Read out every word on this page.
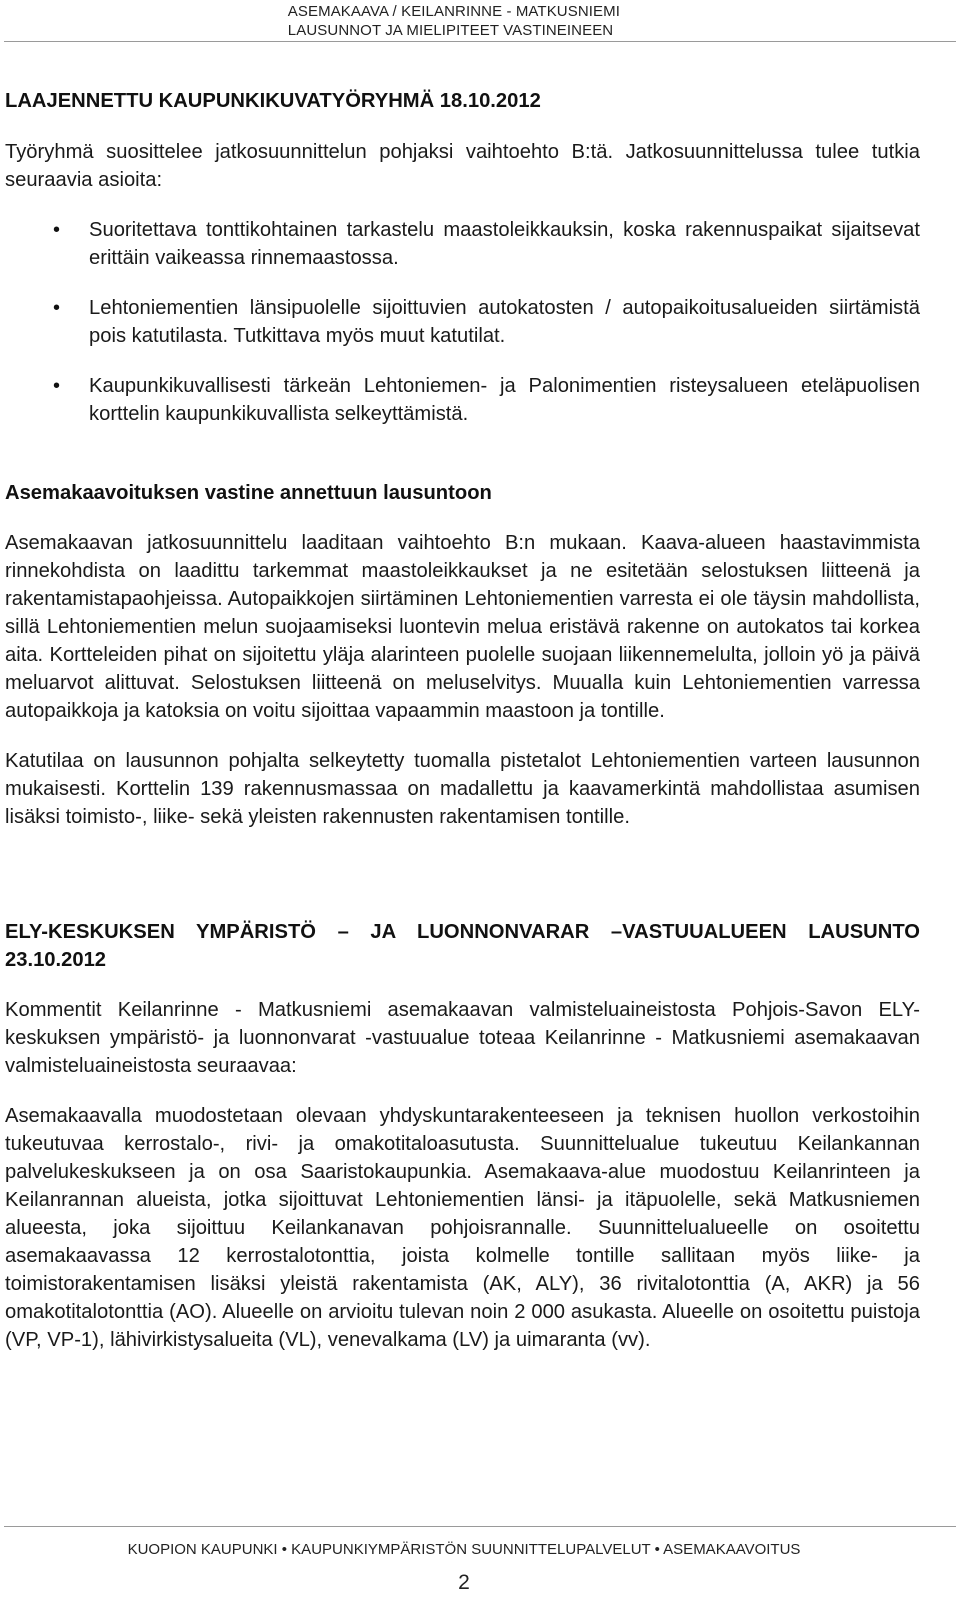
ASEMAKAAVA / KEILANRINNE - MATKUSNIEMI
LAUSUNNOT JA MIELIPITEET VASTINEINEEN
LAAJENNETTU KAUPUNKIKUVATYÖRYHMÄ 18.10.2012

Työryhmä suosittelee jatkosuunnittelun pohjaksi vaihtoehto B:tä. Jatkosuunnittelussa tulee tutkia seuraavia asioita:

• Suoritettava tonttikohtainen tarkastelu maastoleikkauksin, koska rakennuspaikat sijaitsevat erittäin vaikeassa rinnemaastossa.

• Lehtoniementien länsipuolelle sijoittuvien autokatosten / autopaikoitusalueiden siirtämistä pois katutilasta. Tutkittava myös muut katutilat.

• Kaupunkikuvallisesti tärkeän Lehtoniemen- ja Palonimentien risteysalueen eteläpuolisen korttelin kaupunkikuvallista selkeyttämistä.

Asemakaavoituksen vastine annettuun lausuntoon

Asemakaavan jatkosuunnittelu laaditaan vaihtoehto B:n mukaan. Kaava-alueen haastavimmista rinnekohdista on laadittu tarkemmat maastoleikkaukset ja ne esitetään selostuksen liitteenä ja rakentamistapaohjeissa. Autopaikkojen siirtäminen Lehtoniementien varresta ei ole täysin mahdollista, sillä Lehtoniementien melun suojaamiseksi luontevin melua eristävä rakenne on autokatos tai korkea aita. Kortteleiden pihat on sijoitettu yläja alarinteen puolelle suojaan liikennemelulta, jolloin yö ja päivä meluarvot alittuvat. Selostuksen liitteenä on meluselvitys. Muualla kuin Lehtoniementien varressa autopaikkoja ja katoksia on voitu sijoittaa vapaammin maastoon ja tontille.

Katutilaa on lausunnon pohjalta selkeytetty tuomalla pistetalot Lehtoniementien varteen lausunnon mukaisesti. Korttelin 139 rakennusmassaa on madallettu ja kaavamerkintä mahdollistaa asumisen lisäksi toimisto-, liike- sekä yleisten rakennusten rakentamisen tontille.

ELY-KESKUKSEN YMPÄRISTÖ – JA LUONNONVARAR –VASTUUALUEEN LAUSUNTO 23.10.2012

Kommentit Keilanrinne - Matkusniemi asemakaavan valmisteluaineistosta Pohjois-Savon ELY-keskuksen ympäristö- ja luonnonvarat -vastuualue toteaa Keilanrinne - Matkusniemi asemakaavan valmisteluaineistosta seuraavaa:

Asemakaavalla muodostetaan olevaan yhdyskuntarakenteeseen ja teknisen huollon verkostoihin tukeutuvaa kerrostalo-, rivi- ja omakotitaloasutusta. Suunnittelualue tukeutuu Keilankannan palvelukeskukseen ja on osa Saaristokaupunkia. Asemakaava-alue muodostuu Keilanrinteen ja Keilanrannan alueista, jotka sijoittuvat Lehtoniementien länsi- ja itäpuolelle, sekä Matkusniemen alueesta, joka sijoittuu Keilankanavan pohjoisrannalle. Suunnittelualueelle on osoitettu asemakaavassa 12 kerrostalotonttia, joista kolmelle tontille sallitaan myös liike- ja toimistorakentamisen lisäksi yleistä rakentamista (AK, ALY), 36 rivitalotonttia (A, AKR) ja 56 omakotitalotonttia (AO). Alueelle on arvioitu tulevan noin 2 000 asukasta. Alueelle on osoitettu puistoja (VP, VP-1), lähivirkistysalueita (VL), venevalkama (LV) ja uimaranta (vv).

KUOPION KAUPUNKI • KAUPUNKIYMPÄRISTÖN SUUNNITTELUPALVELUT • ASEMAKAAVOITUS
2
